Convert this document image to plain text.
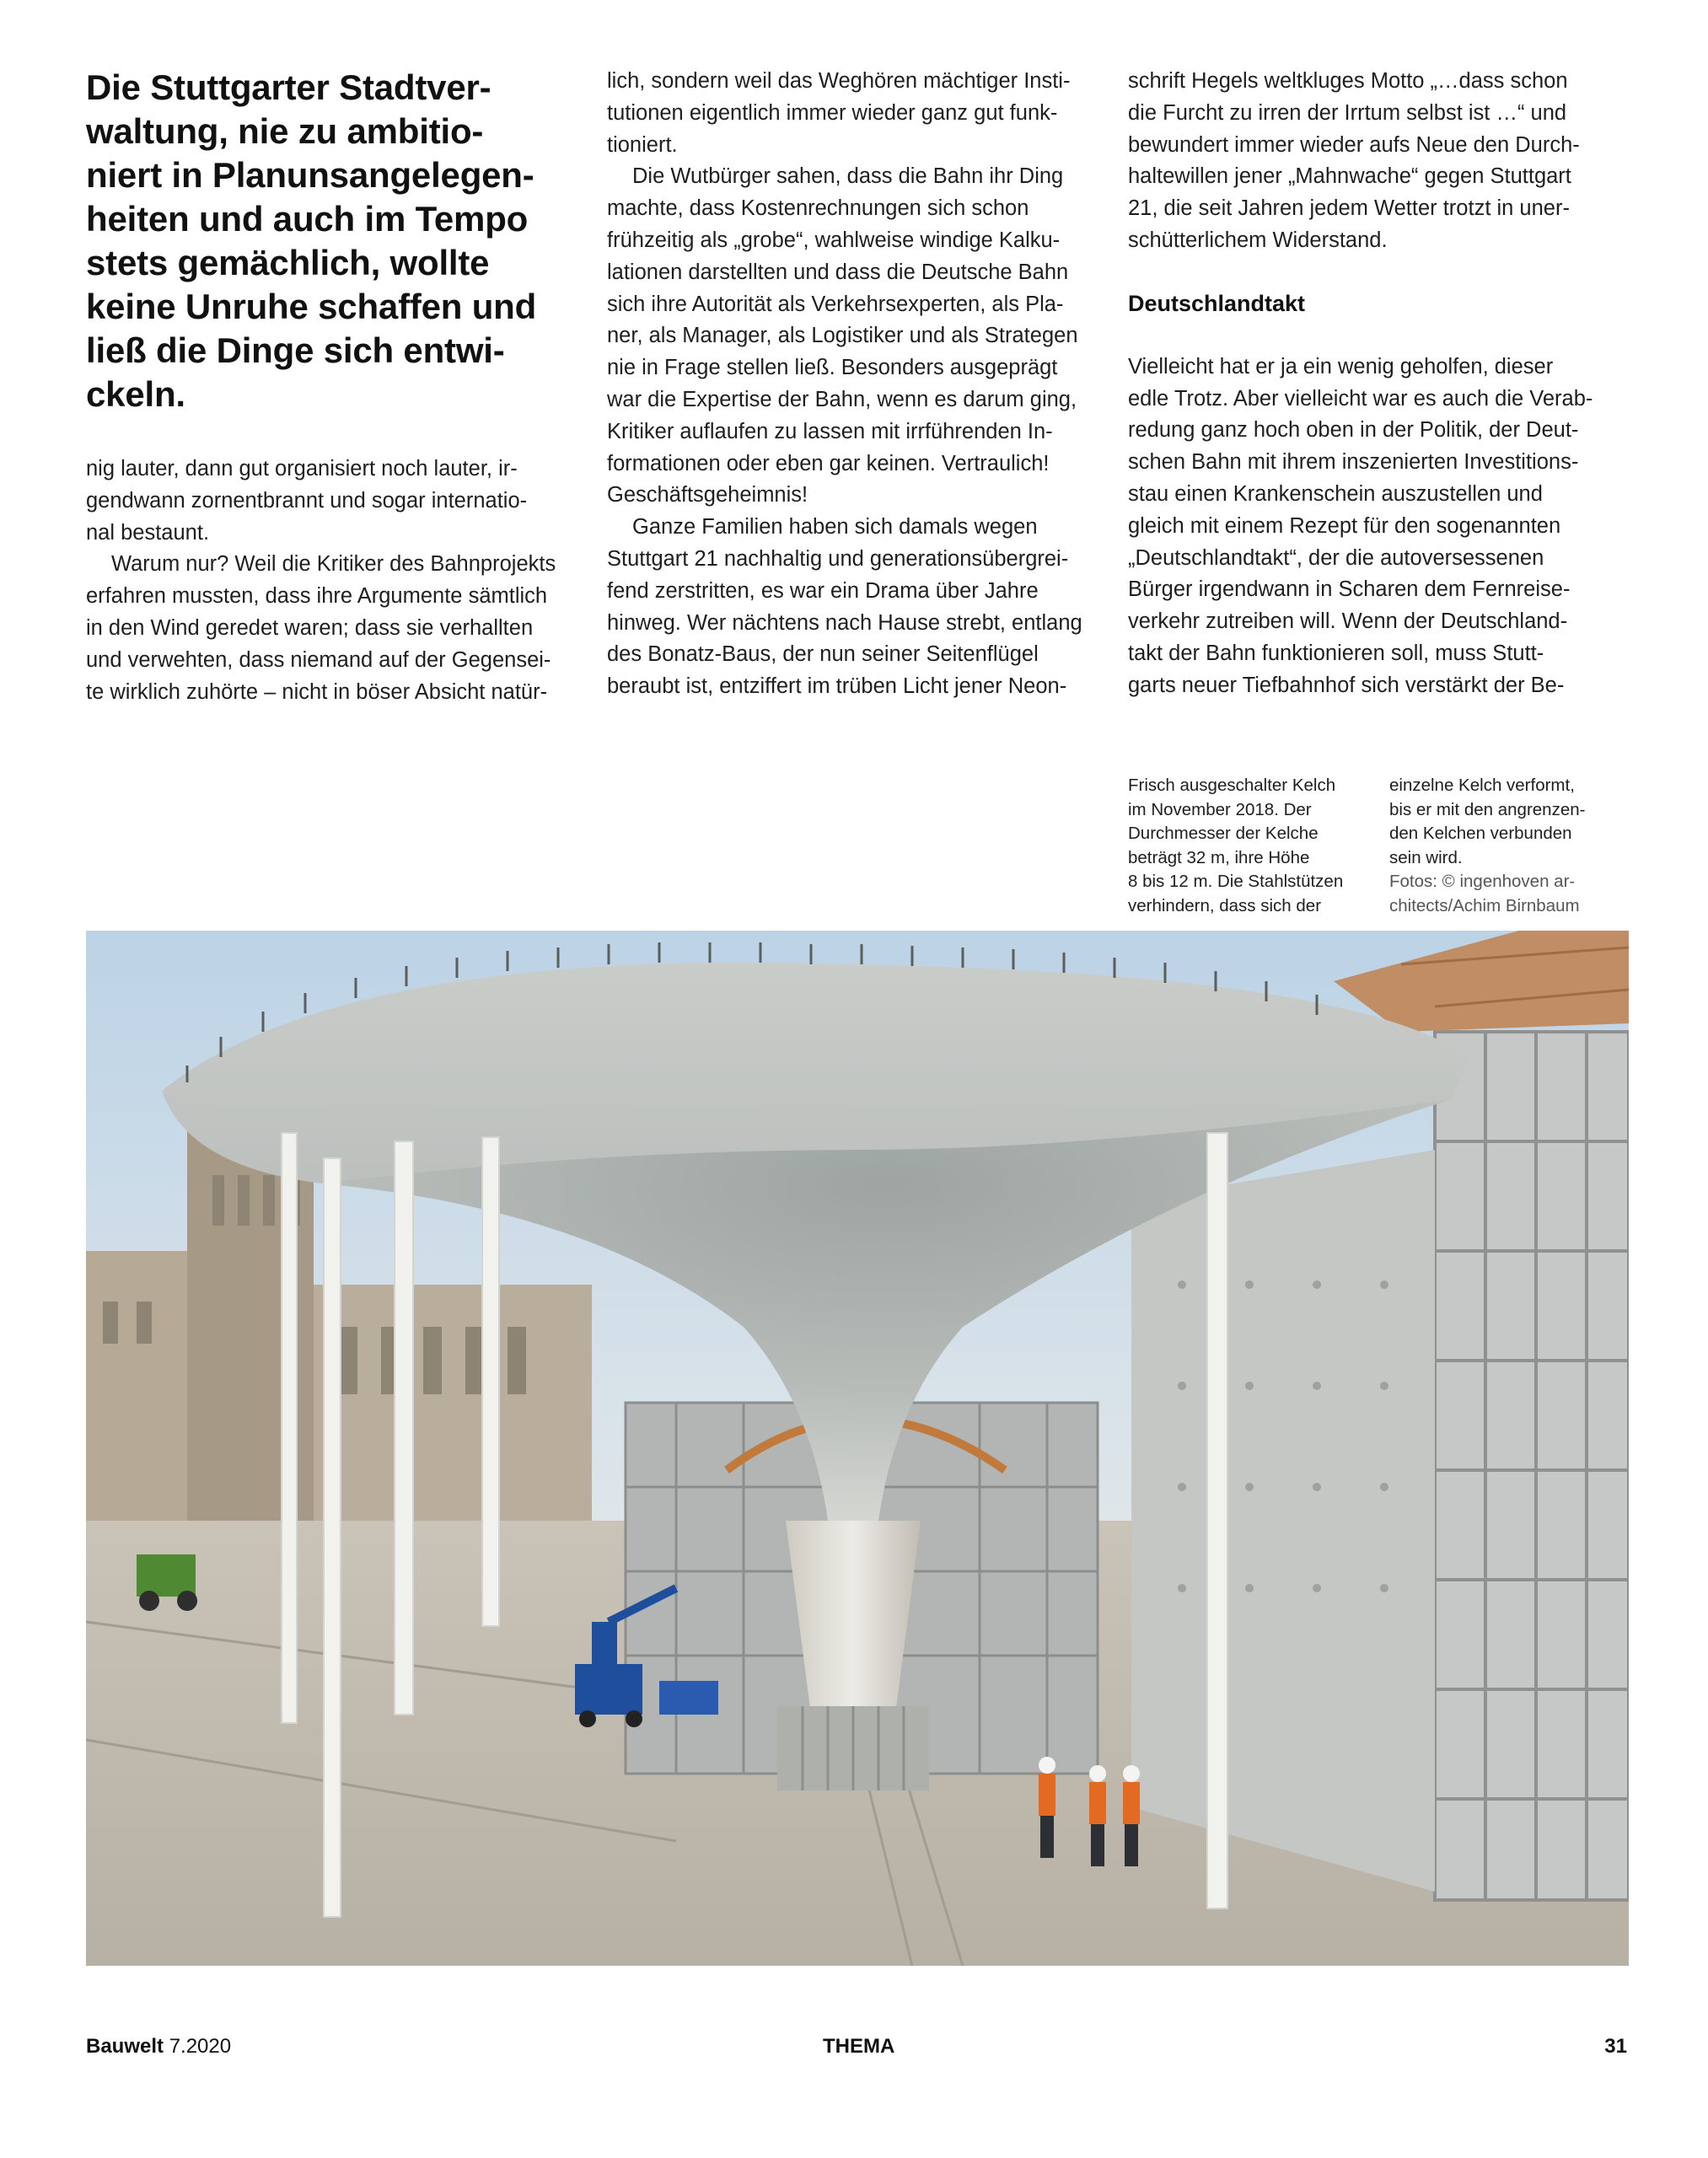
Die Stuttgarter Stadtver-
waltung, nie zu ambitio-
niert in Planunsangelegen-
heiten und auch im Tempo
stets gemächlich, wollte
keine Unruhe schaffen und
ließ die Dinge sich entwi-
ckeln.

nig lauter, dann gut organisiert noch lauter, ir-
gendwann zornentbrannt und sogar internatio-
nal bestaunt.

Warum nur? Weil die Kritiker des Bahnprojekts
erfahren mussten, dass ihre Argumente sämtlich
in den Wind geredet waren; dass sie verhallten
und verwehten, dass niemand auf der Gegensei-
te wirklich zuhörte – nicht in böser Absicht natür-

lich, sondern weil das Weghören mächtiger Insti-
tutionen eigentlich immer wieder ganz gut funk-
tioniert.

Die Wutbürger sahen, dass die Bahn ihr Ding
machte, dass Kostenrechnungen sich schon
frühzeitig als „grobe“, wahlweise windige Kalku-
lationen darstellten und dass die Deutsche Bahn
sich ihre Autorität als Verkehrsexperten, als Pla-
ner, als Manager, als Logistiker und als Strategen
nie in Frage stellen ließ. Besonders ausgeprägt
war die Expertise der Bahn, wenn es darum ging,
Kritiker auflaufen zu lassen mit irrführenden In-
formationen oder eben gar keinen. Vertraulich!
Geschäftsgeheimnis!

Ganze Familien haben sich damals wegen
Stuttgart 21 nachhaltig und generationsübergrei-
fend zerstritten, es war ein Drama über Jahre
hinweg. Wer nächtens nach Hause strebt, entlang
des Bonatz-Baus, der nun seiner Seitenflügel
beraubt ist, entziffert im trüben Licht jener Neon-

schrift Hegels weltkluges Motto „…dass schon
die Furcht zu irren der Irrtum selbst ist …“ und
bewundert immer wieder aufs Neue den Durch-
haltewillen jener „Mahnwache“ gegen Stuttgart
21, die seit Jahren jedem Wetter trotzt in uner-
schütterlichem Widerstand.

Deutschlandtakt

Vielleicht hat er ja ein wenig geholfen, dieser
edle Trotz. Aber vielleicht war es auch die Verab-
redung ganz hoch oben in der Politik, der Deut-
schen Bahn mit ihrem inszenierten Investitions-
stau einen Krankenschein auszustellen und
gleich mit einem Rezept für den sogenannten
„Deutschlandtakt“, der die autoversessenen
Bürger irgendwann in Scharen dem Fernreise-
verkehr zutreiben will. Wenn der Deutschland-
takt der Bahn funktionieren soll, muss Stutt-
garts neuer Tiefbahnhof sich verstärkt der Be-

Frisch ausgeschalter Kelch
im November 2018. Der
Durchmesser der Kelche
beträgt 32 m, ihre Höhe
8 bis 12 m. Die Stahlstützen
verhindern, dass sich der
einzelne Kelch verformt,
bis er mit den angrenzen-
den Kelchen verbunden
sein wird.
Fotos: © ingenhoven ar-
chitects/Achim Birnbaum
Bauwelt 7.2020	THEMA	31
